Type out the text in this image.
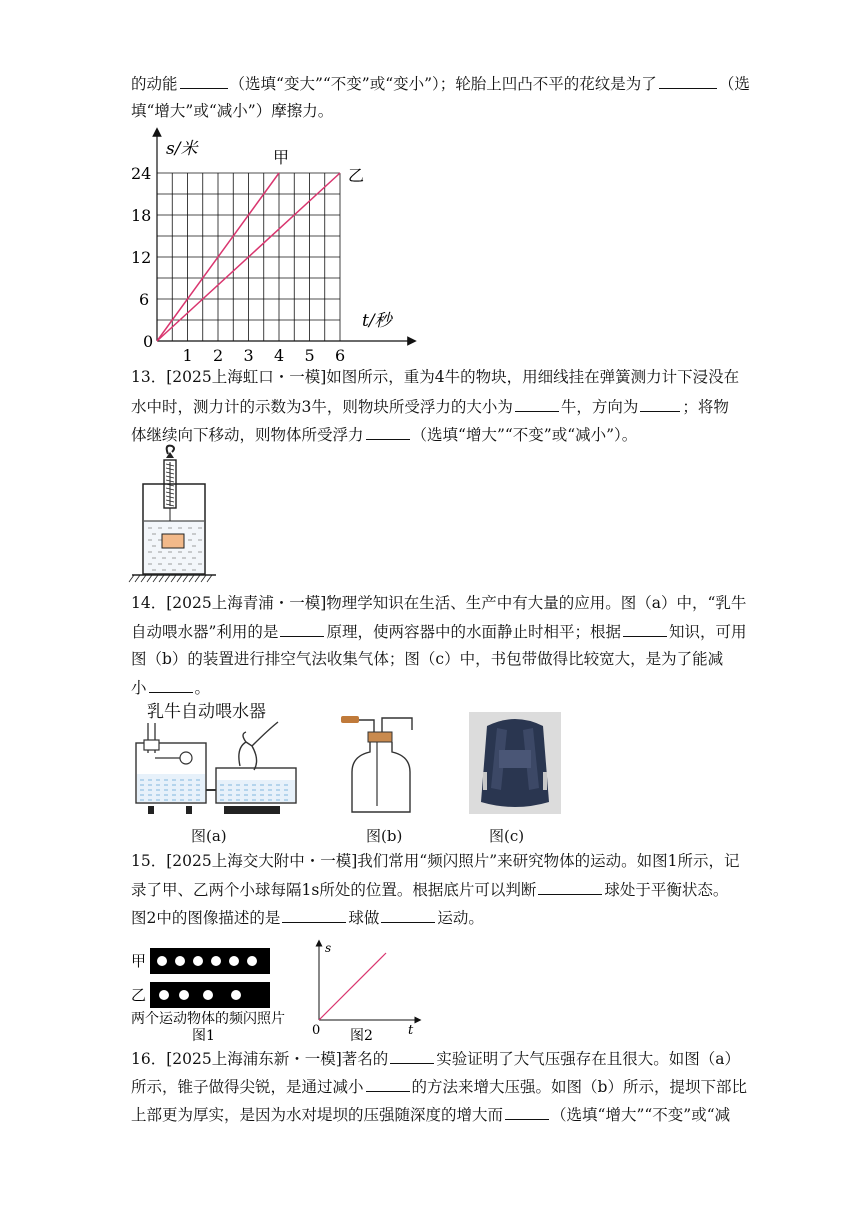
的动能	（选填“变大”“不变”或“变小”）；轮胎上凹凸不平的花纹是为了	（选
填“增大”或“减小”）摩擦力。
甲
乙
1 2 3 4 5 6
6
12
18
24
s/米
t/秒
0
13．[2025上海虹口・一模]如图所示，重为4牛的物块，用细线挂在弹簧测力计下浸没在
水中时，测力计的示数为3牛，则物块所受浮力的大小为	牛，方向为	；将物
体继续向下移动，则物体所受浮力	（选填“增大”“不变”或“减小”）。
14．[2025上海青浦・一模]物理学知识在生活、生产中有大量的应用。图（a）中，“乳牛
自动喂水器”利用的是	原理，使两容器中的水面静止时相平；根据	知识，可用
图（b）的装置进行排空气法收集气体；图（c）中，书包带做得比较宽大，是为了能减
小	。
乳牛自动喂水器
图(a)	图(b)	图(c)
15．[2025上海交大附中・一模]我们常用“频闪照片”来研究物体的运动。如图1所示，记
录了甲、乙两个小球每隔1s所处的位置。根据底片可以判断	球处于平衡状态。
图2中的图像描述的是	球做	运动。
甲
乙
两个运动物体的频闪照片
图1
s
t
0 图2
16．[2025上海浦东新・一模]著名的	实验证明了大气压强存在且很大。如图（a）
所示，锥子做得尖锐，是通过减小	的方法来增大压强。如图（b）所示，提坝下部比
上部更为厚实，是因为水对堤坝的压强随深度的增大而	（选填“增大”“不变”或“减
